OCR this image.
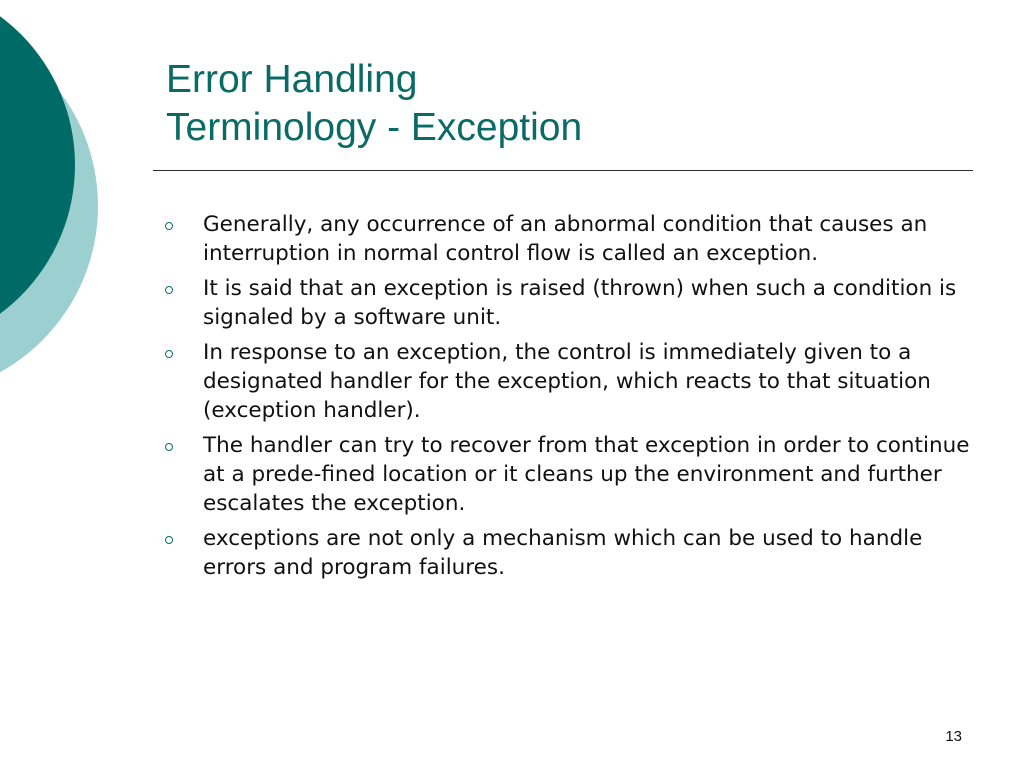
Error Handling
Terminology - Exception
Generally, any occurrence of an abnormal condition that causes an interruption in normal control flow is called an exception.
It is said that an exception is raised (thrown) when such a condition is signaled by a software unit.
In response to an exception, the control is immediately given to a designated handler for the exception, which reacts to that situation (exception handler).
The handler can try to recover from that exception in order to continue at a prede-fined location or it cleans up the environment and further escalates the exception.
exceptions are not only a mechanism which can be used to handle errors and program failures.
13
